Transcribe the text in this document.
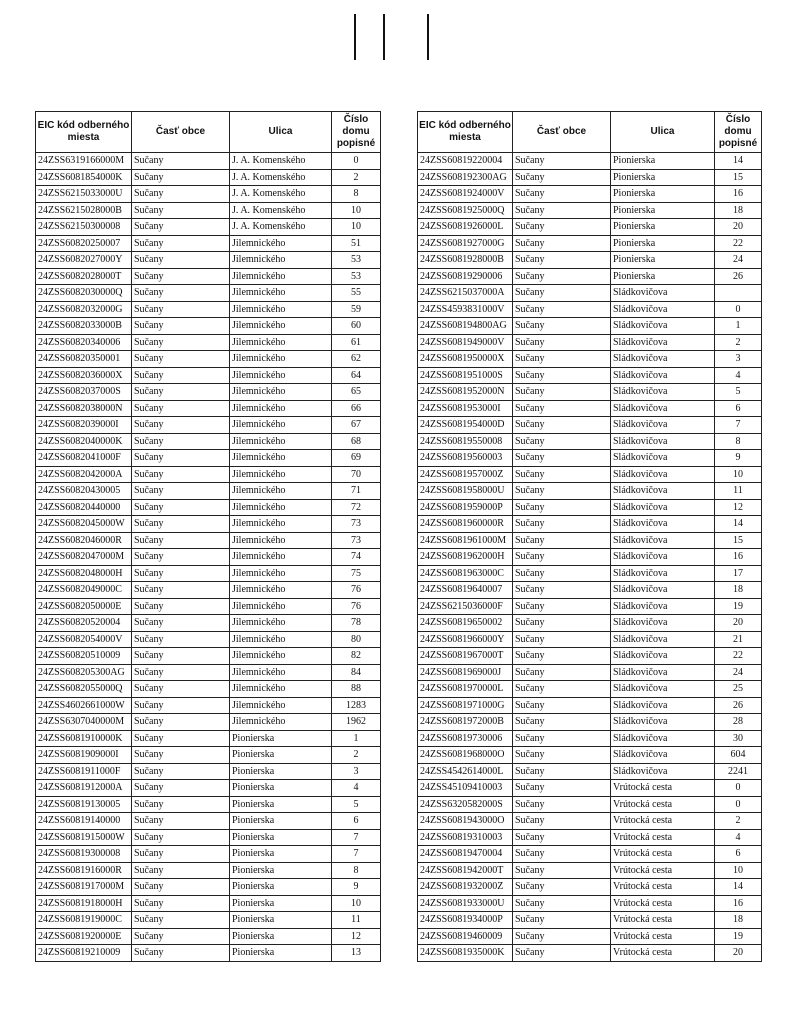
EIC kód odberného miesta	Časť obce	Ulica	Číslo domu popisné
24ZSS6319166000M	Sučany	J. A. Komenského	0
24ZSS6081854000K	Sučany	J. A. Komenského	2
24ZSS6215033000U	Sučany	J. A. Komenského	8
24ZSS6215028000B	Sučany	J. A. Komenského	10
24ZSS62150300008	Sučany	J. A. Komenského	10
24ZSS60820250007	Sučany	Jilemnického	51
24ZSS6082027000Y	Sučany	Jilemnického	53
24ZSS6082028000T	Sučany	Jilemnického	53
24ZSS6082030000Q	Sučany	Jilemnického	55
24ZSS6082032000G	Sučany	Jilemnického	59
24ZSS6082033000B	Sučany	Jilemnického	60
24ZSS60820340006	Sučany	Jilemnického	61
24ZSS60820350001	Sučany	Jilemnického	62
24ZSS6082036000X	Sučany	Jilemnického	64
24ZSS6082037000S	Sučany	Jilemnického	65
24ZSS6082038000N	Sučany	Jilemnického	66
24ZSS6082039000I	Sučany	Jilemnického	67
24ZSS6082040000K	Sučany	Jilemnického	68
24ZSS6082041000F	Sučany	Jilemnického	69
24ZSS6082042000A	Sučany	Jilemnického	70
24ZSS60820430005	Sučany	Jilemnického	71
24ZSS60820440000	Sučany	Jilemnického	72
24ZSS6082045000W	Sučany	Jilemnického	73
24ZSS6082046000R	Sučany	Jilemnického	73
24ZSS6082047000M	Sučany	Jilemnického	74
24ZSS6082048000H	Sučany	Jilemnického	75
24ZSS6082049000C	Sučany	Jilemnického	76
24ZSS6082050000E	Sučany	Jilemnického	76
24ZSS60820520004	Sučany	Jilemnického	78
24ZSS6082054000V	Sučany	Jilemnického	80
24ZSS60820510009	Sučany	Jilemnického	82
24ZSS608205300AG	Sučany	Jilemnického	84
24ZSS6082055000Q	Sučany	Jilemnického	88
24ZSS4602661000W	Sučany	Jilemnického	1283
24ZSS6307040000M	Sučany	Jilemnického	1962
24ZSS6081910000K	Sučany	Pionierska	1
24ZSS6081909000I	Sučany	Pionierska	2
24ZSS6081911000F	Sučany	Pionierska	3
24ZSS6081912000A	Sučany	Pionierska	4
24ZSS60819130005	Sučany	Pionierska	5
24ZSS60819140000	Sučany	Pionierska	6
24ZSS6081915000W	Sučany	Pionierska	7
24ZSS60819300008	Sučany	Pionierska	7
24ZSS6081916000R	Sučany	Pionierska	8
24ZSS6081917000M	Sučany	Pionierska	9
24ZSS6081918000H	Sučany	Pionierska	10
24ZSS6081919000C	Sučany	Pionierska	11
24ZSS6081920000E	Sučany	Pionierska	12
24ZSS60819210009	Sučany	Pionierska	13
EIC kód odberného miesta	Časť obce	Ulica	Číslo domu popisné
24ZSS60819220004	Sučany	Pionierska	14
24ZSS608192300AG	Sučany	Pionierska	15
24ZSS6081924000V	Sučany	Pionierska	16
24ZSS6081925000Q	Sučany	Pionierska	18
24ZSS6081926000L	Sučany	Pionierska	20
24ZSS6081927000G	Sučany	Pionierska	22
24ZSS6081928000B	Sučany	Pionierska	24
24ZSS60819290006	Sučany	Pionierska	26
24ZSS6215037000A	Sučany	Sládkovičova	
24ZSS4593831000V	Sučany	Sládkovičova	0
24ZSS608194800AG	Sučany	Sládkovičova	1
24ZSS6081949000V	Sučany	Sládkovičova	2
24ZSS6081950000X	Sučany	Sládkovičova	3
24ZSS6081951000S	Sučany	Sládkovičova	4
24ZSS6081952000N	Sučany	Sládkovičova	5
24ZSS6081953000I	Sučany	Sládkovičova	6
24ZSS6081954000D	Sučany	Sládkovičova	7
24ZSS60819550008	Sučany	Sládkovičova	8
24ZSS60819560003	Sučany	Sládkovičova	9
24ZSS6081957000Z	Sučany	Sládkovičova	10
24ZSS6081958000U	Sučany	Sládkovičova	11
24ZSS6081959000P	Sučany	Sládkovičova	12
24ZSS6081960000R	Sučany	Sládkovičova	14
24ZSS6081961000M	Sučany	Sládkovičova	15
24ZSS6081962000H	Sučany	Sládkovičova	16
24ZSS6081963000C	Sučany	Sládkovičova	17
24ZSS60819640007	Sučany	Sládkovičova	18
24ZSS6215036000F	Sučany	Sládkovičova	19
24ZSS60819650002	Sučany	Sládkovičova	20
24ZSS6081966000Y	Sučany	Sládkovičova	21
24ZSS6081967000T	Sučany	Sládkovičova	22
24ZSS6081969000J	Sučany	Sládkovičova	24
24ZSS6081970000L	Sučany	Sládkovičova	25
24ZSS6081971000G	Sučany	Sládkovičova	26
24ZSS6081972000B	Sučany	Sládkovičova	28
24ZSS60819730006	Sučany	Sládkovičova	30
24ZSS6081968000O	Sučany	Sládkovičova	604
24ZSS4542614000L	Sučany	Sládkovičova	2241
24ZSS45109410003	Sučany	Vrútocká cesta	0
24ZSS6320582000S	Sučany	Vrútocká cesta	0
24ZSS6081943000O	Sučany	Vrútocká cesta	2
24ZSS60819310003	Sučany	Vrútocká cesta	4
24ZSS60819470004	Sučany	Vrútocká cesta	6
24ZSS6081942000T	Sučany	Vrútocká cesta	10
24ZSS6081932000Z	Sučany	Vrútocká cesta	14
24ZSS6081933000U	Sučany	Vrútocká cesta	16
24ZSS6081934000P	Sučany	Vrútocká cesta	18
24ZSS60819460009	Sučany	Vrútocká cesta	19
24ZSS6081935000K	Sučany	Vrútocká cesta	20
